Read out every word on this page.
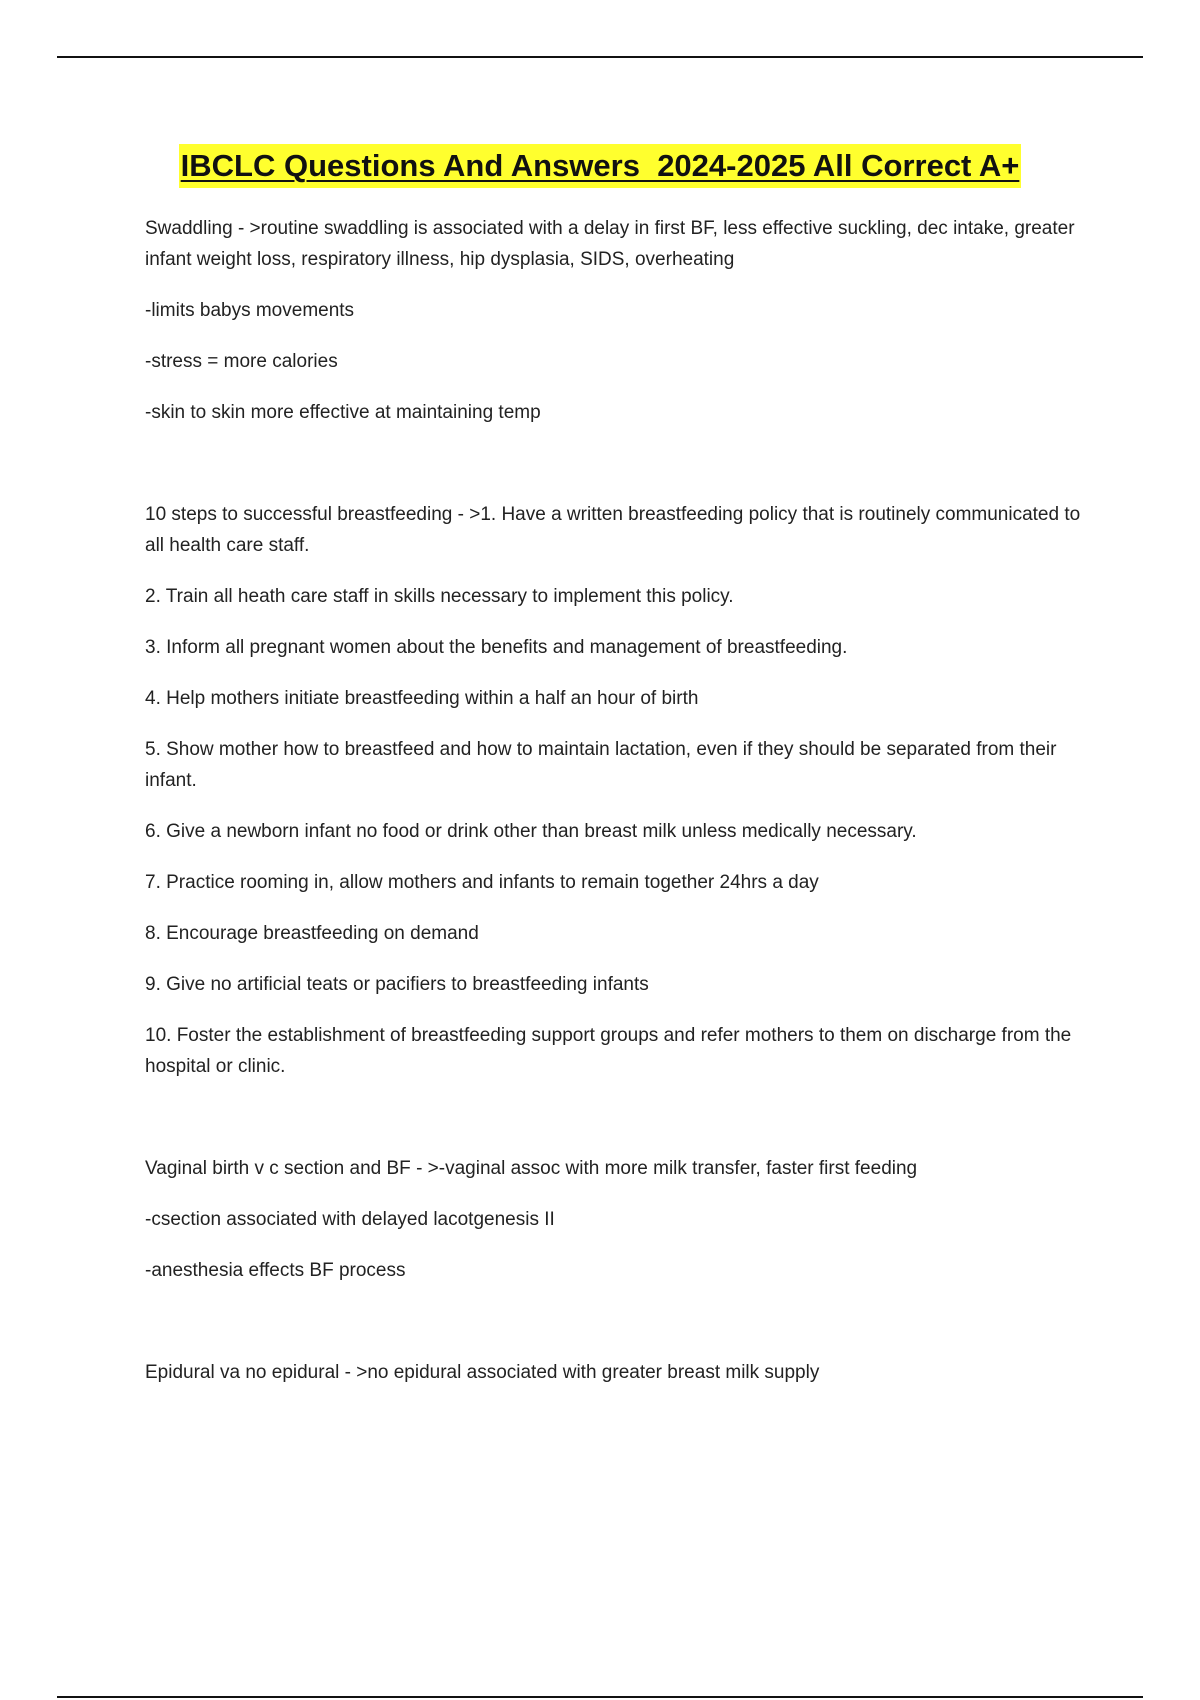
IBCLC Questions And Answers  2024-2025 All Correct A+

Swaddling - >routine swaddling is associated with a delay in first BF, less effective suckling, dec intake, greater infant weight loss, respiratory illness, hip dysplasia, SIDS, overheating

-limits babys movements

-stress = more calories

-skin to skin more effective at maintaining temp

10 steps to successful breastfeeding - >1. Have a written breastfeeding policy that is routinely communicated to all health care staff.

2. Train all heath care staff in skills necessary to implement this policy.

3. Inform all pregnant women about the benefits and management of breastfeeding.

4. Help mothers initiate breastfeeding within a half an hour of birth

5. Show mother how to breastfeed and how to maintain lactation, even if they should be separated from their infant.

6. Give a newborn infant no food or drink other than breast milk unless medically necessary.

7. Practice rooming in, allow mothers and infants to remain together 24hrs a day

8. Encourage breastfeeding on demand

9. Give no artificial teats or pacifiers to breastfeeding infants

10. Foster the establishment of breastfeeding support groups and refer mothers to them on discharge from the hospital or clinic.

Vaginal birth v c section and BF - >-vaginal assoc with more milk transfer, faster first feeding

-csection associated with delayed lacotgenesis II

-anesthesia effects BF process

Epidural va no epidural - >no epidural associated with greater breast milk supply
